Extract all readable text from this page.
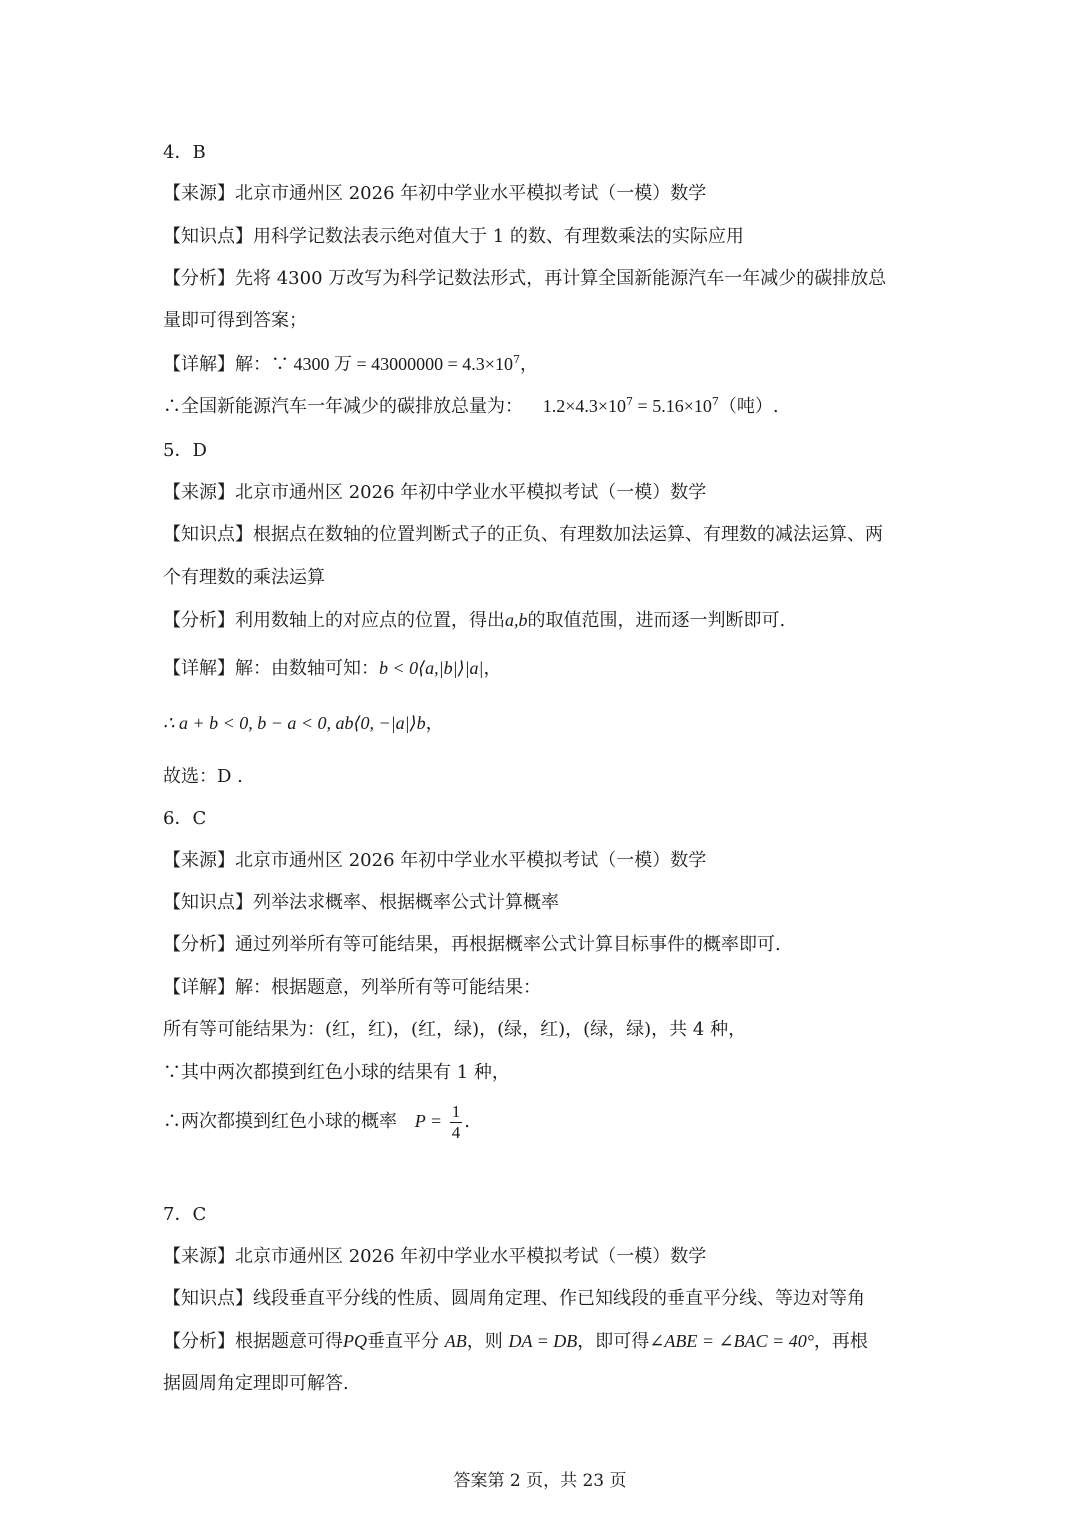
4．B
【来源】北京市通州区 2026 年初中学业水平模拟考试（一模）数学
【知识点】用科学记数法表示绝对值大于 1 的数、有理数乘法的实际应用
【分析】先将 4300 万改写为科学记数法形式，再计算全国新能源汽车一年减少的碳排放总
量即可得到答案；
【详解】解：∵ 4300 万 = $43000000 = 4.3\times 10^7$，
∴全国新能源汽车一年减少的碳排放总量为： $1.2\times 4.3\times 10^7 = 5.16\times 10^7$（吨）.
5．D
【来源】北京市通州区 2026 年初中学业水平模拟考试（一模）数学
【知识点】根据点在数轴的位置判断式子的正负、有理数加法运算、有理数的减法运算、两
个有理数的乘法运算
【分析】利用数轴上的对应点的位置，得出a,b的取值范围，进而逐一判断即可.
【详解】解：由数轴可知：b < 0⟨a,|b|⟩|a|，
∴ a + b < 0, b − a < 0, ab⟨0, −|a|⟩b，
故选：D .
6．C
【来源】北京市通州区 2026 年初中学业水平模拟考试（一模）数学
【知识点】列举法求概率、根据概率公式计算概率
【分析】通过列举所有等可能结果，再根据概率公式计算目标事件的概率即可.
【详解】解：根据题意，列举所有等可能结果：
所有等可能结果为：(红，红)，(红，绿)，(绿，红)，(绿，绿)，共 4 种，
∵其中两次都摸到红色小球的结果有 1 种，
∴两次都摸到红色小球的概率 $P = \frac{1}{4}$ .
7．C
【来源】北京市通州区 2026 年初中学业水平模拟考试（一模）数学
【知识点】线段垂直平分线的性质、圆周角定理、作已知线段的垂直平分线、等边对等角
【分析】根据题意可得PQ垂直平分 AB，则 DA = DB，即可得∠ABE = ∠BAC = 40°，再根
据圆周角定理即可解答.
答案第 2 页，共 23 页
